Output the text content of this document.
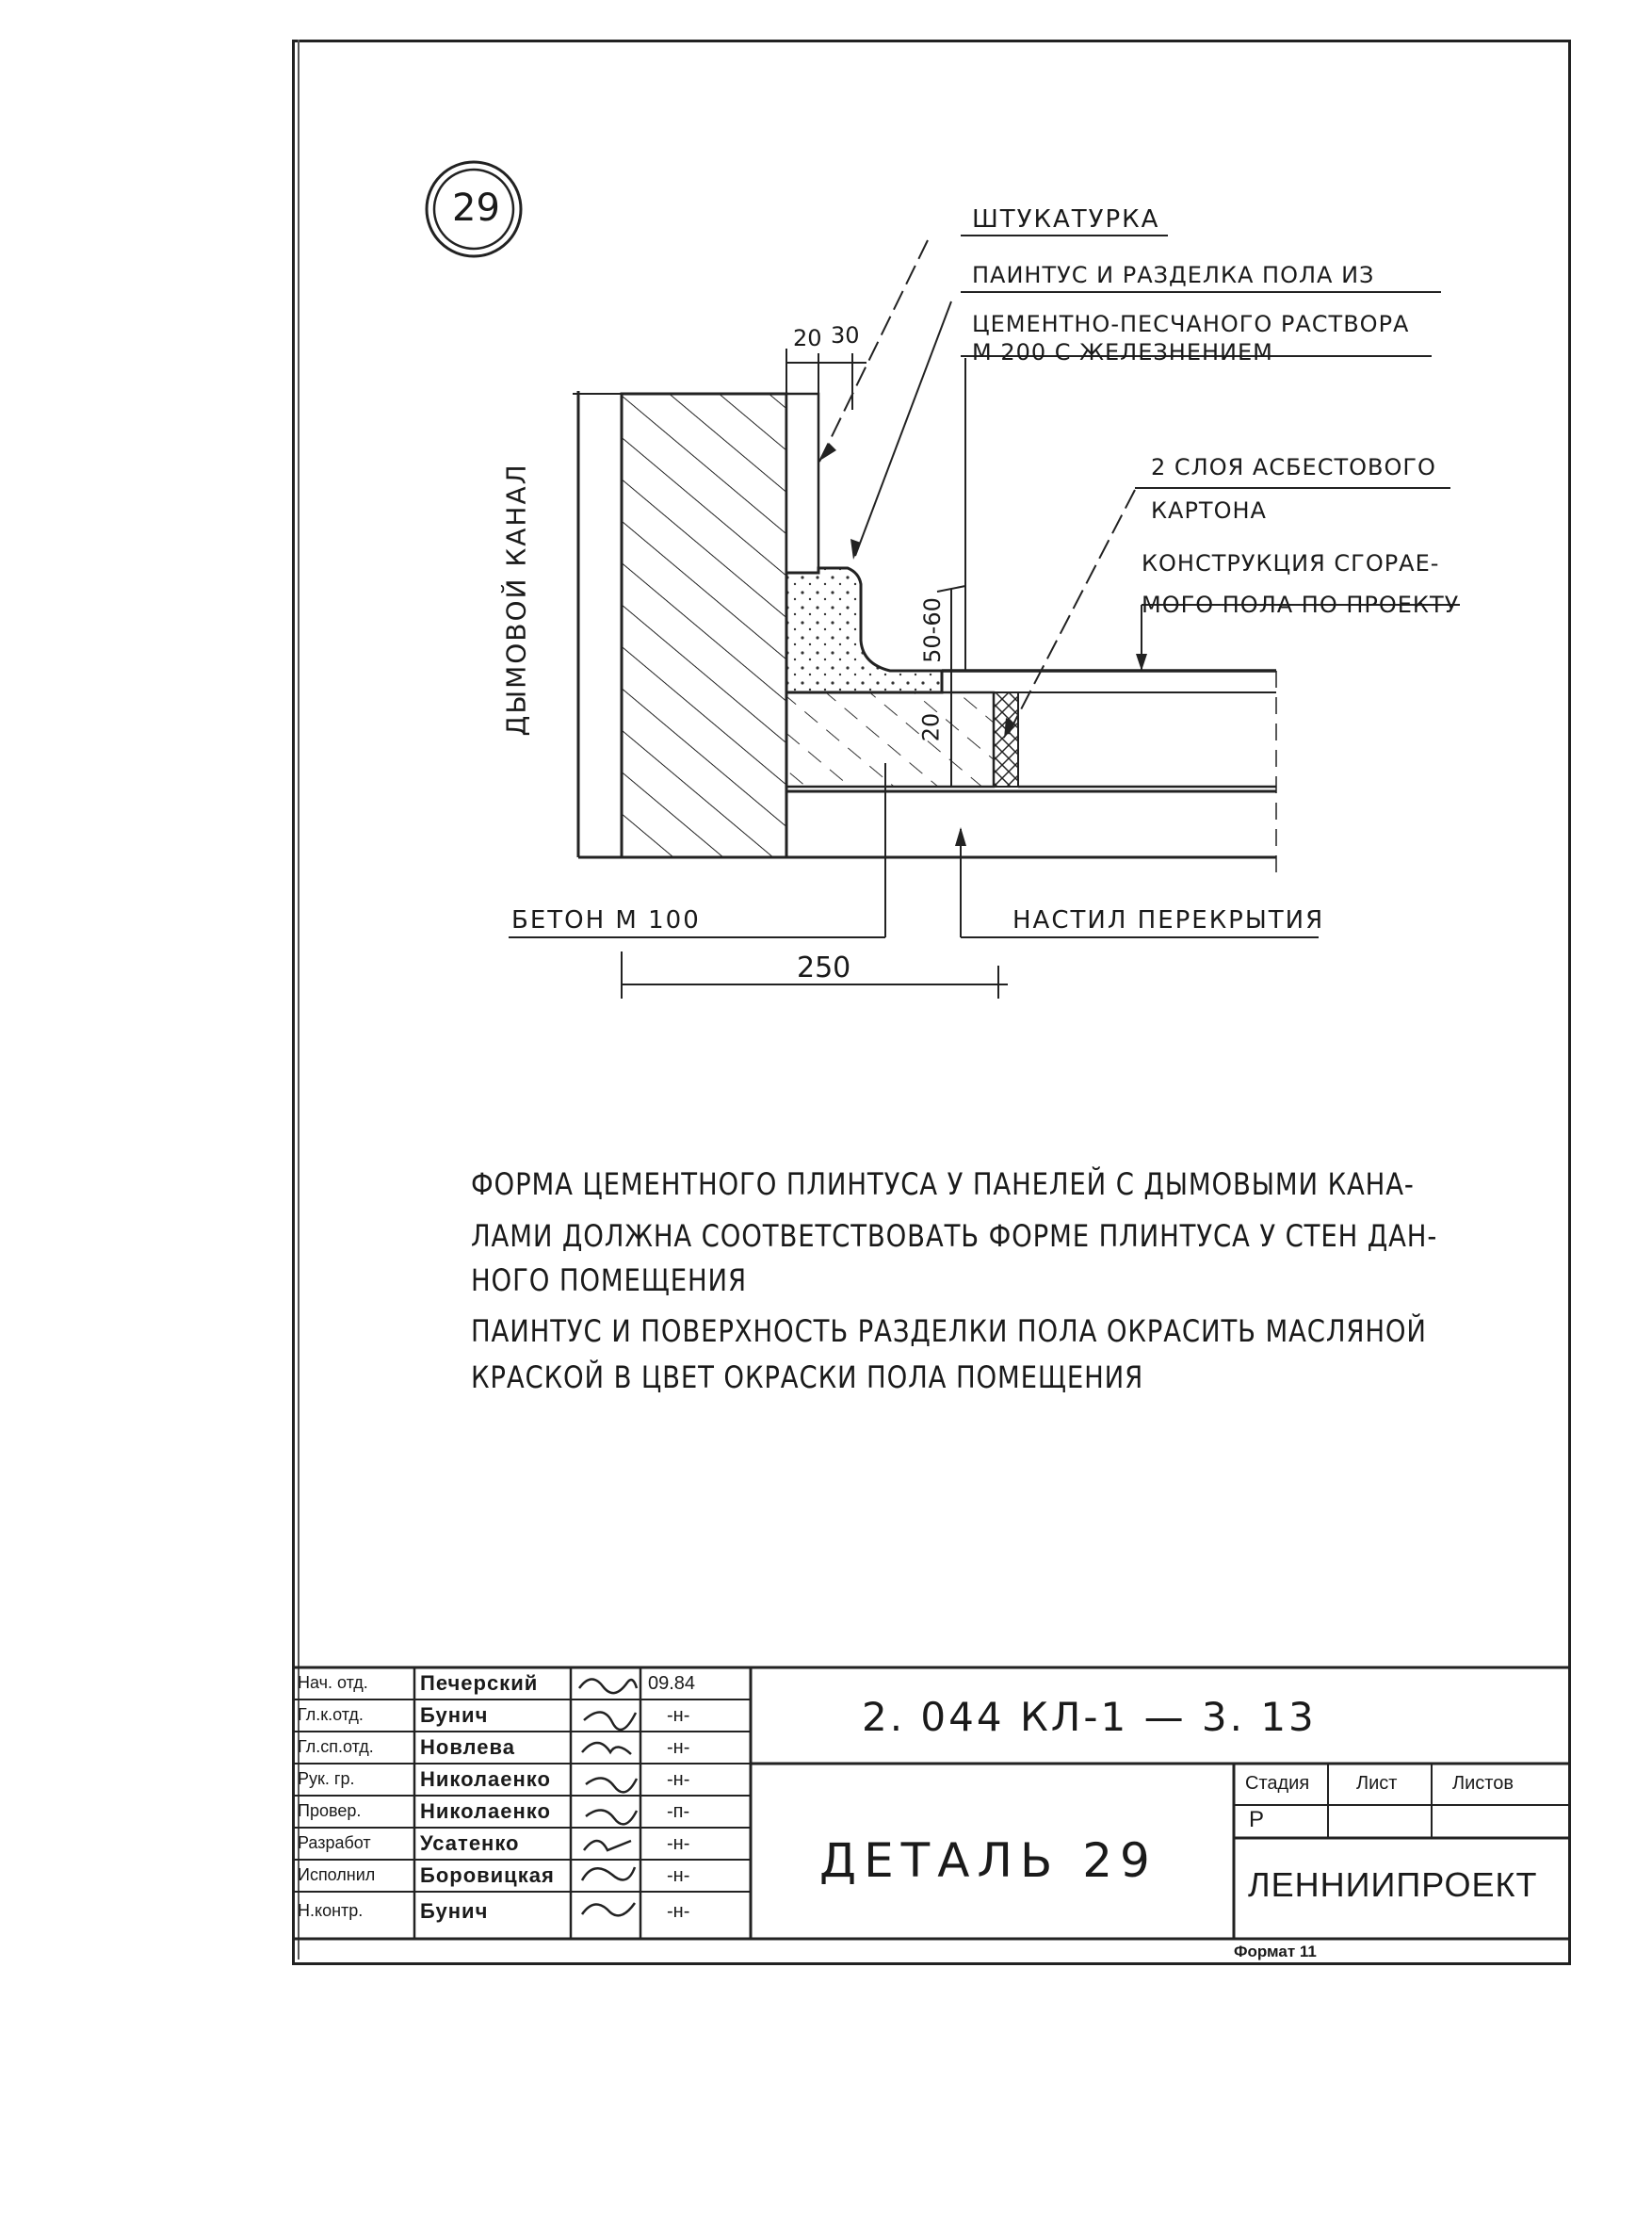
29	ШТУКАТУРКА
ПАИНТУС И РАЗДЕЛКА ПОЛА ИЗ
ЦЕМЕНТНО-ПЕСЧАНОГО РАСТВОРА
М 200 С ЖЕЛЕЗНЕНИЕМ
2 СЛОЯ АСБЕСТОВОГО
КАРТОНА
КОНСТРУКЦИЯ СГОРАЕ-
МОГО ПОЛА ПО ПРОЕКТУ
ДЫМОВОЙ КАНАЛ
БЕТОН М 100	НАСТИЛ ПЕРЕКРЫТИЯ
20 30
50-60
20
250
ФОРМА ЦЕМЕНТНОГО ПЛИНТУСА У ПАНЕЛЕЙ С ДЫМОВЫМИ КАНА-
ЛАМИ ДОЛЖНА СООТВЕТСТВОВАТЬ ФОРМЕ ПЛИНТУСА У СТЕН ДАН-
НОГО ПОМЕЩЕНИЯ
ПАИНТУС И ПОВЕРХНОСТЬ РАЗДЕЛКИ ПОЛА ОКРАСИТЬ МАСЛЯНОЙ
КРАСКОЙ В ЦВЕТ ОКРАСКИ ПОЛА ПОМЕЩЕНИЯ
Нач. отд.	Печерский	09.84
Гл.к.отд.	Бунич	-н-
Гл.сп.отд. Новлева	-н-
Рук. гр.	Николаенко	-н-
Провер.	Николаенко	-п-
Разработ Усатенко	-н-
Исполнил Боровицкая	-н-
Н.контр.	Бунич	-н-
2. 044 КЛ-1 — 3. 13
ДЕТАЛЬ 29
Стадия Лист	Листов
Р
ЛЕННИИПРОЕКТ
Формат 11
